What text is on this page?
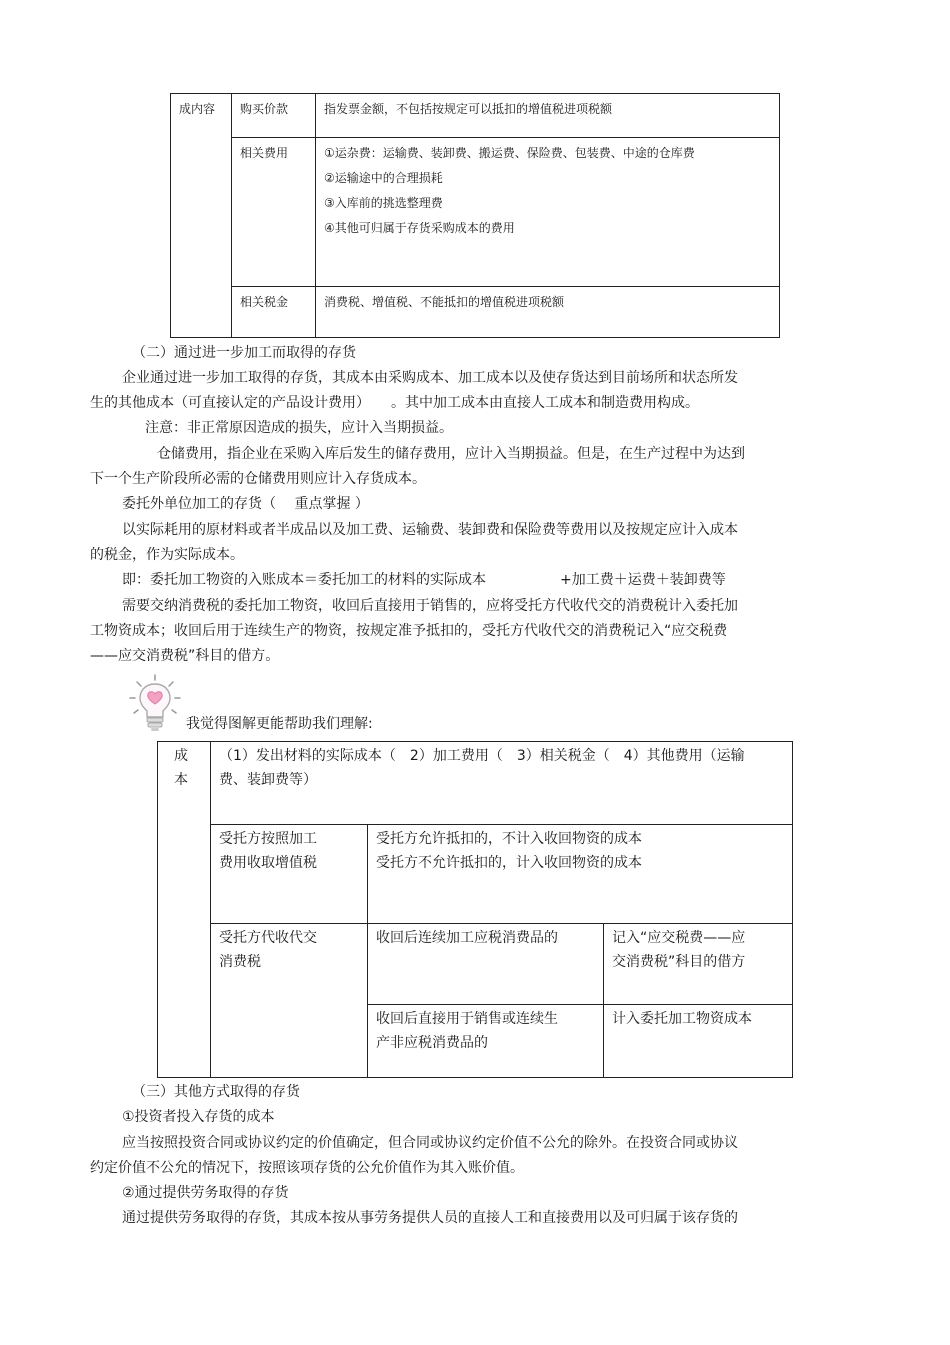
成内容	购买价款	指发票金额，不包括按规定可以抵扣的增值税进项税额

	相关费用	①运杂费：运输费、装卸费、搬运费、保险费、包装费、中途的仓库费
②运输途中的合理损耗
③入库前的挑选整理费
④其他可归属于存货采购成本的费用

	相关税金	消费税、增值税、不能抵扣的增值税进项税额
（二）通过进一步加工而取得的存货
企业通过进一步加工取得的存货，其成本由采购成本、加工成本以及使存货达到目前场所和状态所发
生的其他成本（可直接认定的产品设计费用）　　。其中加工成本由直接人工成本和制造费用构成。
注意：非正常原因造成的损失，应计入当期损益。
仓储费用，指企业在采购入库后发生的储存费用，应计入当期损益。但是，在生产过程中为达到
下一个生产阶段所必需的仓储费用则应计入存货成本。
委托外单位加工的存货（　 重点掌握 ）
以实际耗用的原材料或者半成品以及加工费、运输费、装卸费和保险费等费用以及按规定应计入成本
的税金，作为实际成本。
即：委托加工物资的入账成本＝委托加工的材料的实际成本	+加工费＋运费＋装卸费等
需要交纳消费税的委托加工物资，收回后直接用于销售的，应将受托方代收代交的消费税计入委托加
工物资成本；收回后用于连续生产的物资，按规定准予抵扣的，受托方代收代交的消费税记入“应交税费
——应交消费税”科目的借方。
我觉得图解更能帮助我们理解:
成
本	（1）发出材料的实际成本（　2）加工费用（　3）相关税金（　4）其他费用（运输
费、装卸费等）		

	受托方按照加工
费用收取增值税	受托方允许抵扣的，不计入收回物资的成本
受托方不允许抵扣的，计入收回物资的成本	

	受托方代收代交
消费税	收回后连续加工应税消费品的	记入“应交税费——应
交消费税”科目的借方

		收回后直接用于销售或连续生
产非应税消费品的	计入委托加工物资成本
（三）其他方式取得的存货
①投资者投入存货的成本
应当按照投资合同或协议约定的价值确定，但合同或协议约定价值不公允的除外。在投资合同或协议
约定价值不公允的情况下，按照该项存货的公允价值作为其入账价值。
②通过提供劳务取得的存货
通过提供劳务取得的存货，其成本按从事劳务提供人员的直接人工和直接费用以及可归属于该存货的
